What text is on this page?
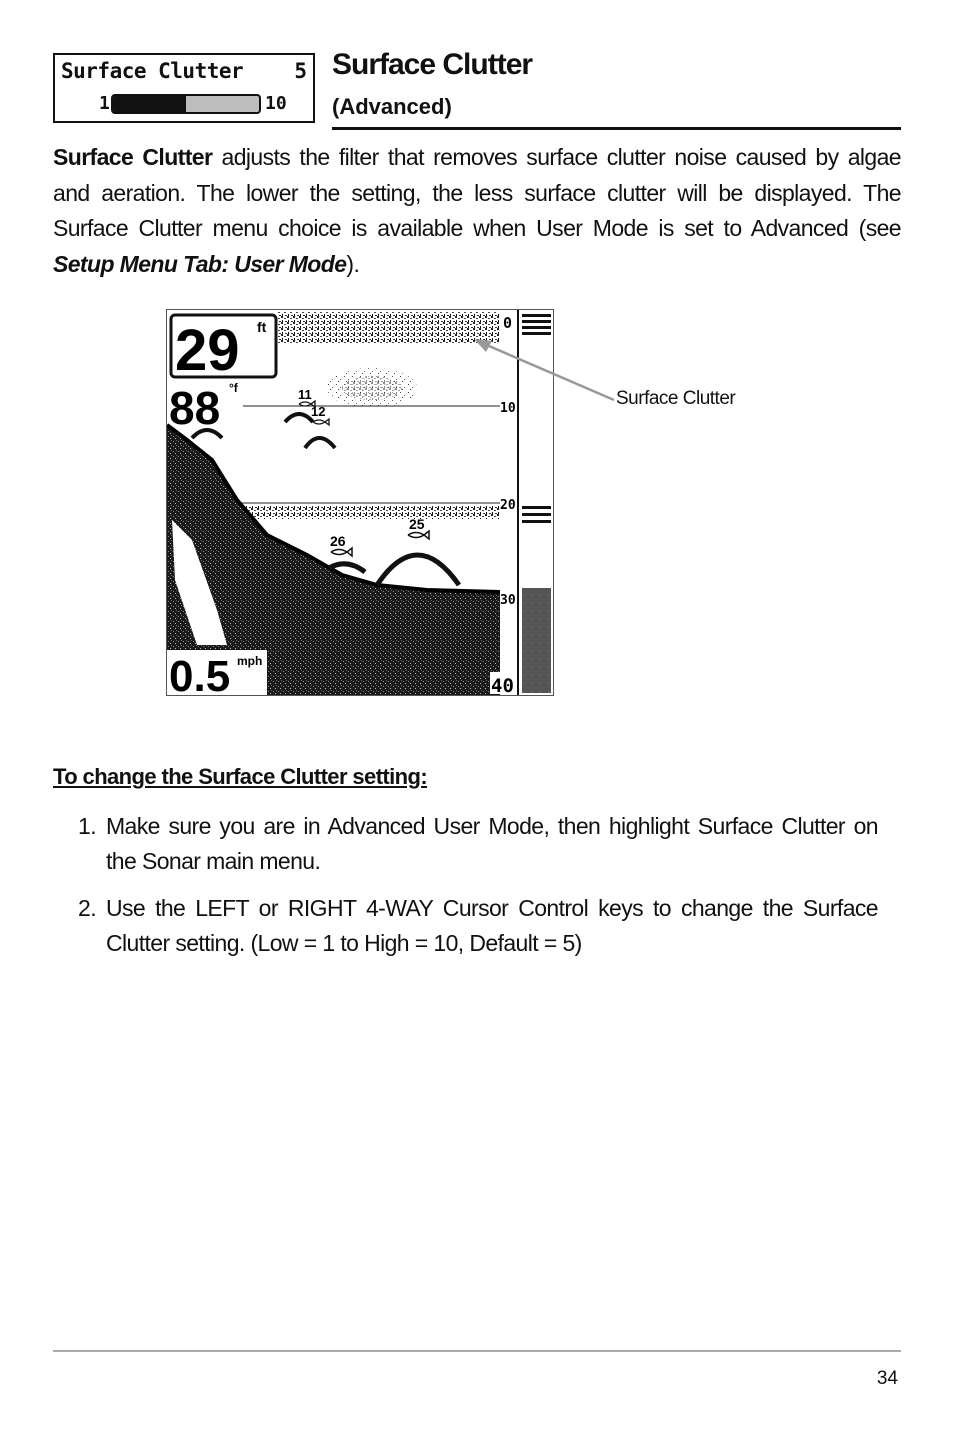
Surface Clutter 5
1	10
Surface Clutter
(Advanced)

Surface Clutter adjusts the filter that removes surface clutter noise caused by algae and aeration. The lower the setting, the less surface clutter will be displayed. The Surface Clutter menu choice is available when User Mode is set to Advanced (see Setup Menu Tab: User Mode).

11
12
25
26
29 ft
88 °f
0.5 mph
0
10
20
30
40
Surface Clutter
To change the Surface Clutter setting:
1. Make sure you are in Advanced User Mode, then highlight Surface Clutter on the Sonar main menu.
2. Use the LEFT or RIGHT 4-WAY Cursor Control keys to change the Surface Clutter setting. (Low = 1 to High = 10, Default = 5)
34
